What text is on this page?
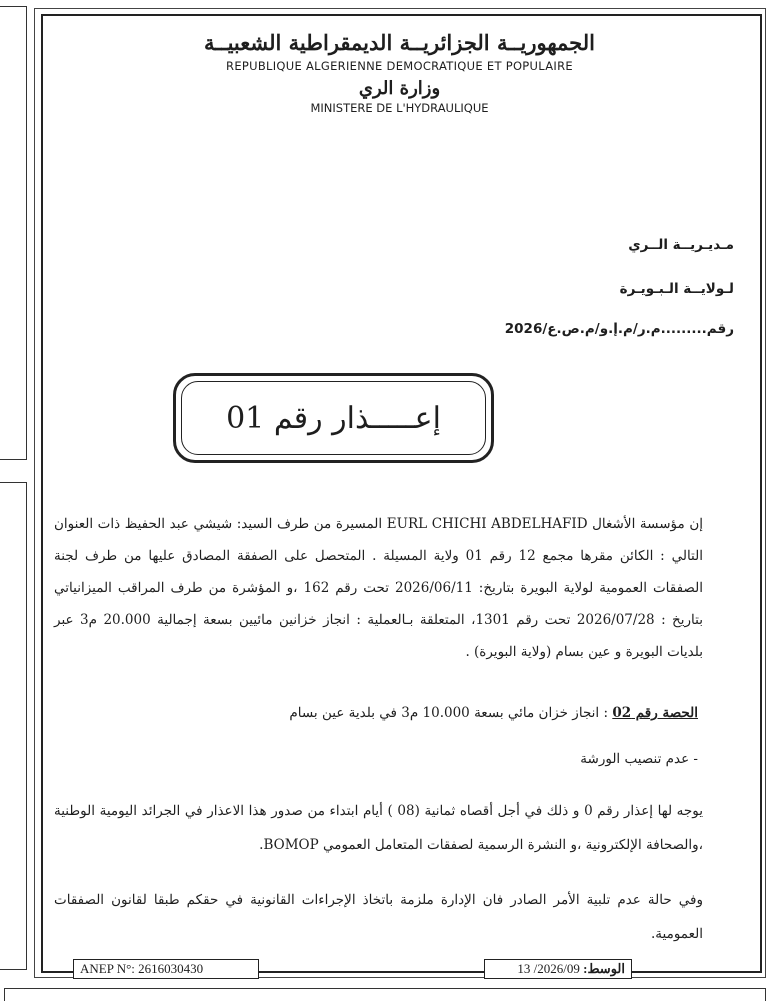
الجمهوريــة الجزائريــة الديمقراطية الشعبيــة
REPUBLIQUE ALGERIENNE DEMOCRATIQUE ET POPULAIRE
وزارة الري
MINISTERE DE L'HYDRAULIQUE
مـديـريــة الــري
لـولايــة الـبـويـرة
رقم.........م.ر/م.إ.و/م.ص.ع/2026
إعـــــذار رقم 01
إن مؤسسة الأشغال EURL CHICHI ABDELHAFID المسيرة من طرف السيد: شيشي عبد الحفيظ ذات العنوان التالي : الكائن مقرها مجمع 12 رقم 01 ولاية المسيلة . المتحصل على الصفقة المصادق عليها من طرف لجنة الصفقات العمومية لولاية البويرة بتاريخ: 2026/06/11 تحت رقم 162 ،و المؤشرة من طرف المراقب الميزانياتي بتاريخ : 2026/07/28 تحت رقم 1301، المتعلقة بـالعملية : انجاز خزانين مائيين بسعة إجمالية 20.000 م3 عبر بلديات البويرة و عين بسام (ولاية البويرة) .
الحصة رقم 02 : انجاز خزان مائي بسعة 10.000 م3 في بلدية عين بسام
- عدم تنصيب الورشة
يوجه لها إعذار رقم 0 و ذلك في أجل أقصاه ثمانية (08 ) أيام ابتداء من صدور هذا الاعذار في الجرائد اليومية الوطنية ،والصحافة الإلكترونية ،و النشرة الرسمية لصفقات المتعامل العمومي BOMOP.
وفي حالة عدم تلبية الأمر الصادر فان الإدارة ملزمة باتخاذ الإجراءات القانونية في حقكم طبقا لقانون الصفقات العمومية.
ANEP N°: 2616030430	الوسط: 2026/09/ 13
